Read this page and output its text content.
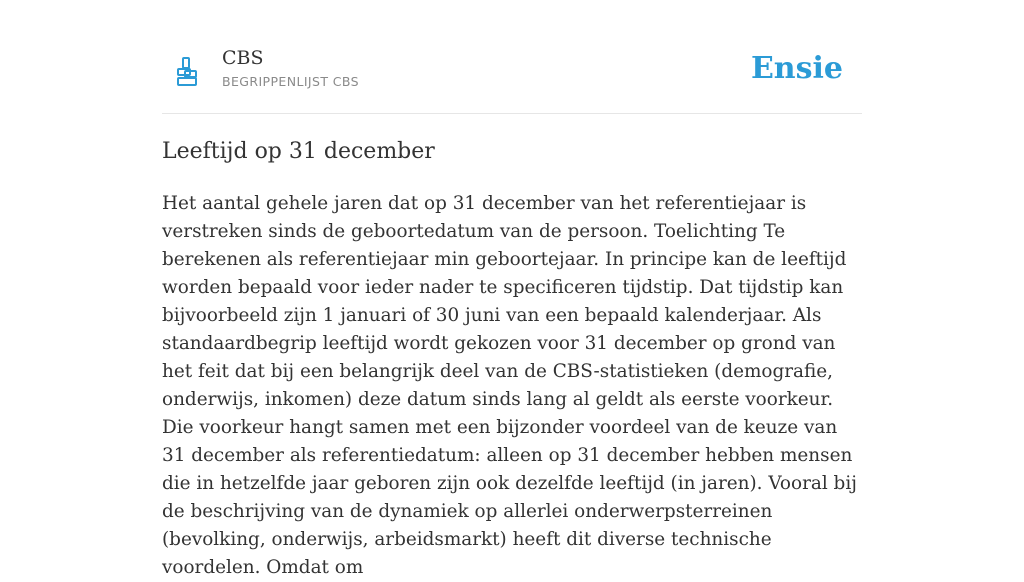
CBS
BEGRIPPENLIJST CBS	Ensie
Leeftijd op 31 december

Het aantal gehele jaren dat op 31 december van het referentiejaar is verstreken sinds de geboortedatum van de persoon. Toelichting Te berekenen als referentiejaar min geboortejaar. In principe kan de leeftijd worden bepaald voor ieder nader te specificeren tijdstip. Dat tijdstip kan bijvoorbeeld zijn 1 januari of 30 juni van een bepaald kalenderjaar. Als standaardbegrip leeftijd wordt gekozen voor 31 december op grond van het feit dat bij een belangrijk deel van de CBS-statistieken (demografie, onderwijs, inkomen) deze datum sinds lang al geldt als eerste voorkeur. Die voorkeur hangt samen met een bijzonder voordeel van de keuze van 31 december als referentiedatum: alleen op 31 december hebben mensen die in hetzelfde jaar geboren zijn ook dezelfde leeftijd (in jaren). Vooral bij de beschrijving van de dynamiek op allerlei onderwerpsterreinen (bevolking, onderwijs, arbeidsmarkt) heeft dit diverse technische voordelen. Omdat om
